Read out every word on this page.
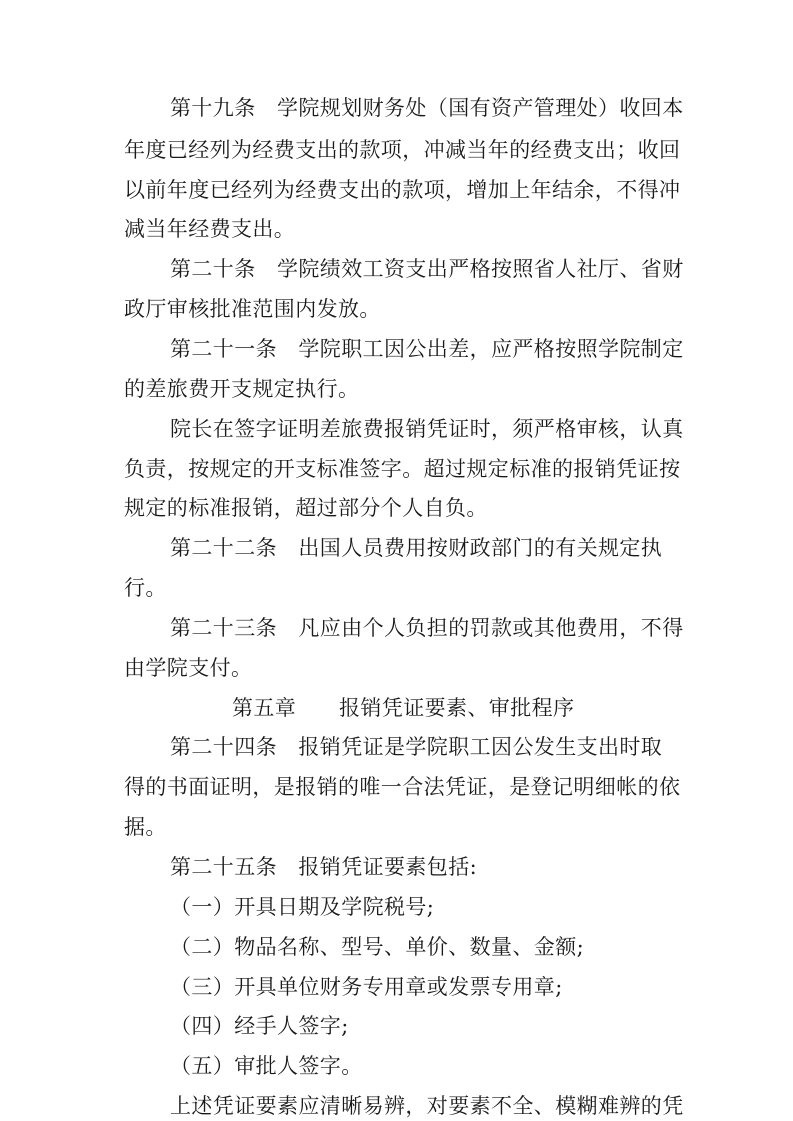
第十九条　学院规划财务处（国有资产管理处）收回本
年度已经列为经费支出的款项，冲减当年的经费支出；收回
以前年度已经列为经费支出的款项，增加上年结余，不得冲
减当年经费支出。
第二十条　学院绩效工资支出严格按照省人社厅、省财
政厅审核批准范围内发放。
第二十一条　学院职工因公出差，应严格按照学院制定
的差旅费开支规定执行。
院长在签字证明差旅费报销凭证时，须严格审核，认真
负责，按规定的开支标准签字。超过规定标准的报销凭证按
规定的标准报销，超过部分个人自负。
第二十二条　出国人员费用按财政部门的有关规定执
行。
第二十三条　凡应由个人负担的罚款或其他费用，不得
由学院支付。
第五章　　报销凭证要素、审批程序
第二十四条　报销凭证是学院职工因公发生支出时取
得的书面证明，是报销的唯一合法凭证，是登记明细帐的依
据。
第二十五条　报销凭证要素包括:
（一）开具日期及学院税号;
（二）物品名称、型号、单价、数量、金额;
（三）开具单位财务专用章或发票专用章;
（四）经手人签字;
（五）审批人签字。
上述凭证要素应清晰易辨，对要素不全、模糊难辨的凭
